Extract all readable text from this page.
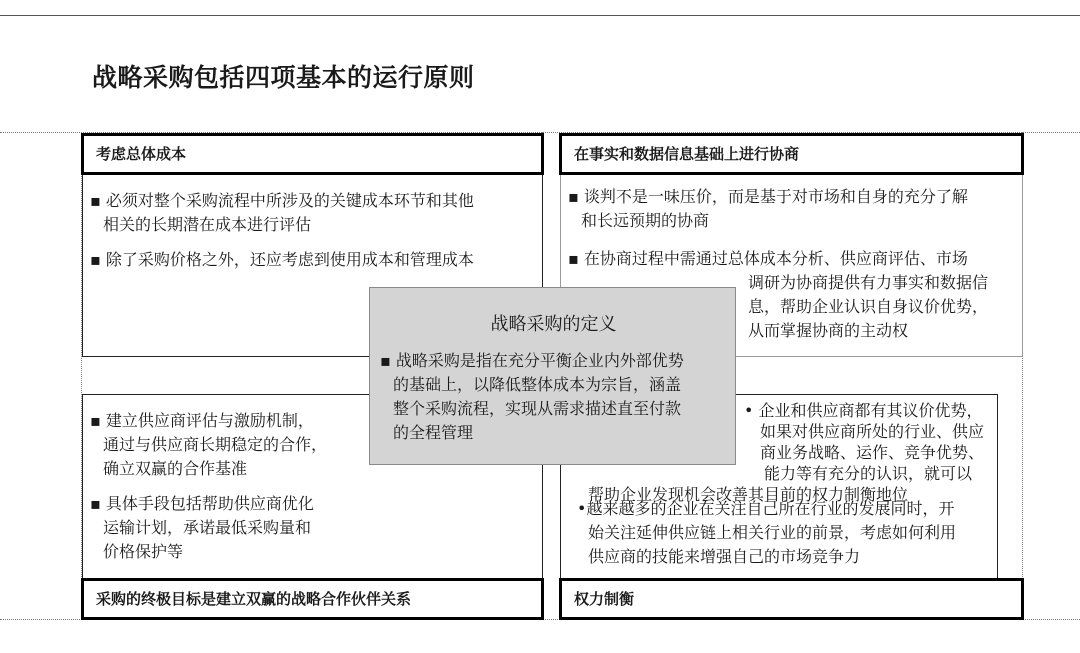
战略采购包括四项基本的运行原则
考虑总体成本
▪ 必须对整个采购流程中所涉及的关键成本环节和其他
相关的长期潜在成本进行评估
▪ 除了采购价格之外，还应考虑到使用成本和管理成本
在事实和数据信息基础上进行协商
▪ 谈判不是一味压价，而是基于对市场和自身的充分了解
和长远预期的协商
▪ 在协商过程中需通过总体成本分析、供应商评估、市场
调研为协商提供有力事实和数据信
息，帮助企业认识自身议价优势，
从而掌握协商的主动权
采购的终极目标是建立双赢的战略合作伙伴关系
▪ 建立供应商评估与激励机制，
通过与供应商长期稳定的合作，
确立双赢的合作基准
▪ 具体手段包括帮助供应商优化
运输计划，承诺最低采购量和
价格保护等
权力制衡
• 企业和供应商都有其议价优势，
如果对供应商所处的行业、供应
商业务战略、运作、竞争优势、
能力等有充分的认识，就可以
帮助企业发现机会改善其目前的权力制衡地位
•越来越多的企业在关注自己所在行业的发展同时，开
始关注延伸供应链上相关行业的前景，考虑如何利用
供应商的技能来增强自己的市场竞争力
战略采购的定义
▪ 战略采购是指在充分平衡企业内外部优势
的基础上，以降低整体成本为宗旨，涵盖
整个采购流程，实现从需求描述直至付款
的全程管理
